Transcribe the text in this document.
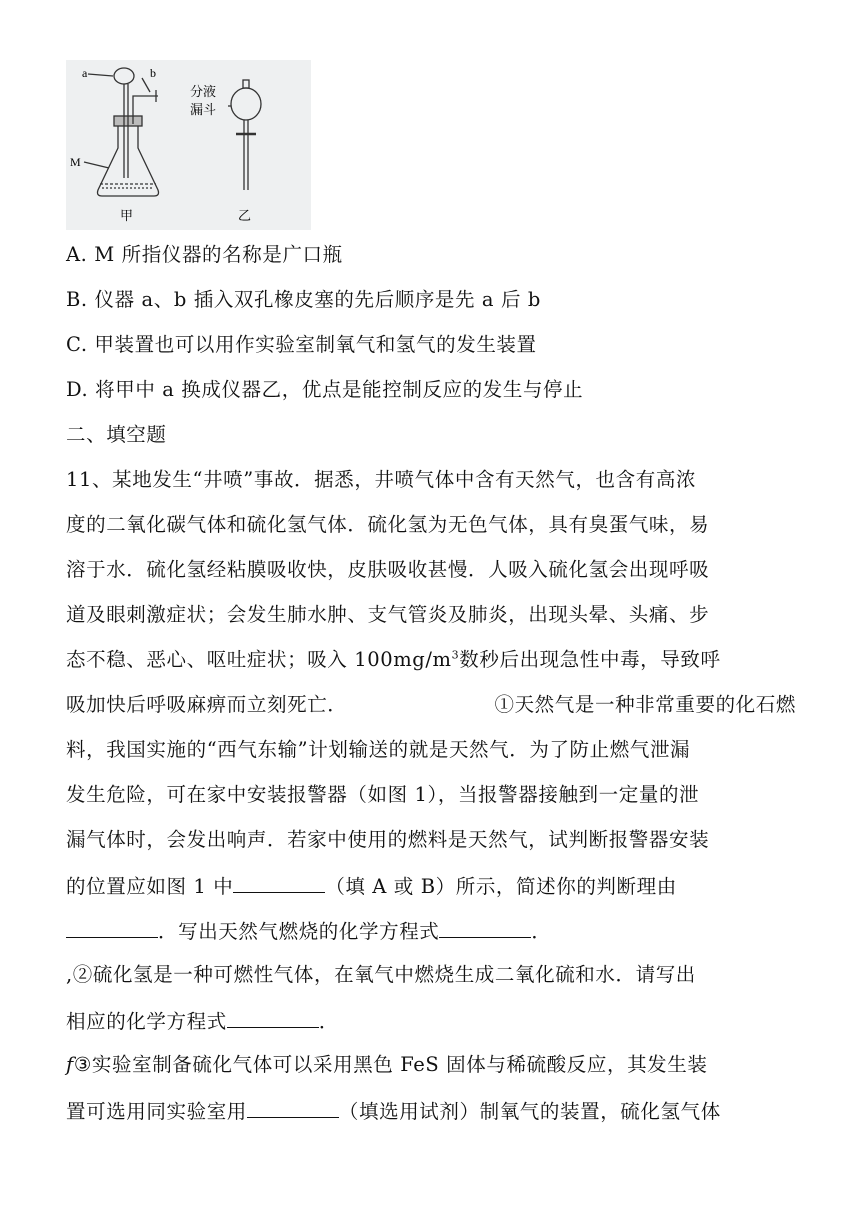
a	b
M
甲
分液
漏斗
乙
A. M 所指仪器的名称是广口瓶
B. 仪器 a、b 插入双孔橡皮塞的先后顺序是先 a 后 b
C. 甲装置也可以用作实验室制氧气和氢气的发生装置
D. 将甲中 a 换成仪器乙，优点是能控制反应的发生与停止
二、填空题
11、某地发生“井喷”事故．据悉，井喷气体中含有天然气，也含有高浓
度的二氧化碳气体和硫化氢气体．硫化氢为无色气体，具有臭蛋气味，易
溶于水．硫化氢经粘膜吸收快，皮肤吸收甚慢．人吸入硫化氢会出现呼吸
道及眼刺激症状；会发生肺水肿、支气管炎及肺炎，出现头晕、头痛、步
态不稳、恶心、呕吐症状；吸入 $100mg/m^3$数秒后出现急性中毒，导致呼
吸加快后呼吸麻痹而立刻死亡．	①天然气是一种非常重要的化石燃
料，我国实施的“西气东输”计划输送的就是天然气．为了防止燃气泄漏
发生危险，可在家中安装报警器（如图 1），当报警器接触到一定量的泄
漏气体时，会发出响声．若家中使用的燃料是天然气，试判断报警器安装
的位置应如图 1 中	（填 A 或 B）所示，简述你的判断理由
．写出天然气燃烧的化学方程式	．
,②硫化氢是一种可燃性气体，在氧气中燃烧生成二氧化硫和水．请写出
相应的化学方程式	．
f③实验室制备硫化气体可以采用黑色 FeS 固体与稀硫酸反应，其发生装
置可选用同实验室用	（填选用试剂）制氧气的装置，硫化氢气体
